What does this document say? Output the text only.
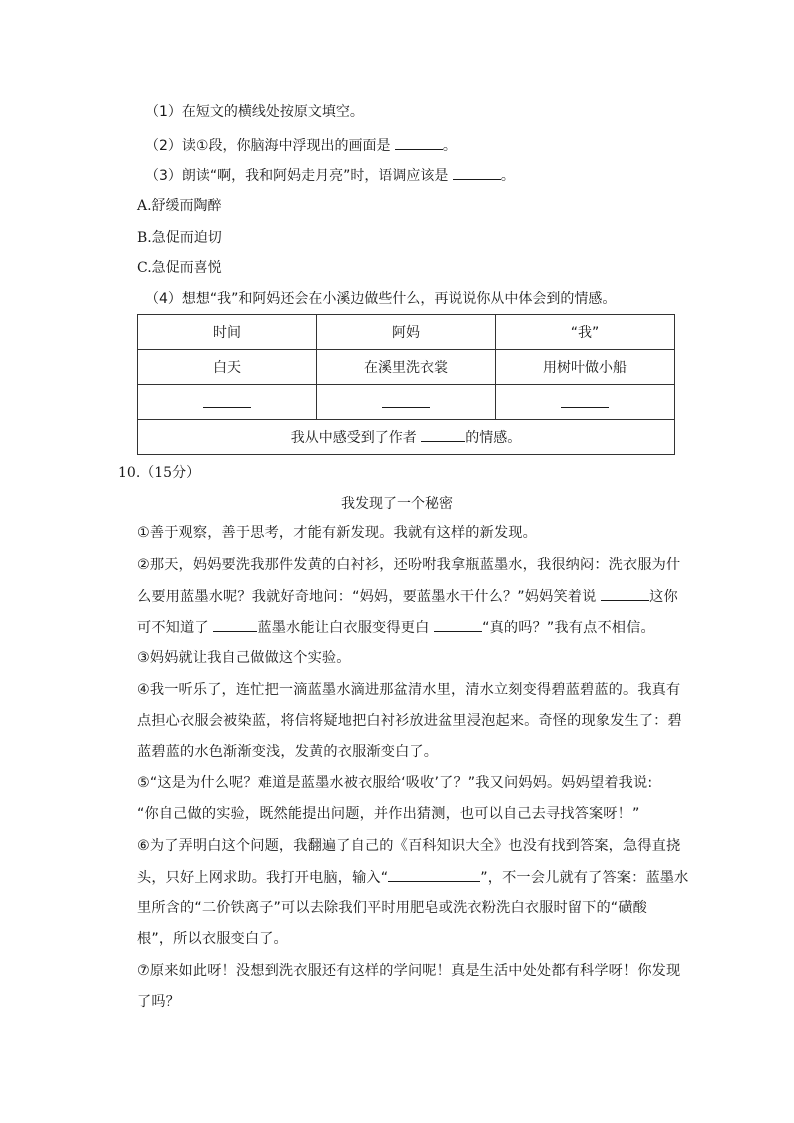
（1）在短文的横线处按原文填空。
（2）读①段，你脑海中浮现出的画面是	。
（3）朗读“啊，我和阿妈走月亮”时，语调应该是	。
A.舒缓而陶醉
B.急促而迫切
C.急促而喜悦
（4）想想“我”和阿妈还会在小溪边做些什么，再说说你从中体会到的情感。
时间	阿妈	“我”
白天	在溪里洗衣裳	用树叶做小船

我从中感受到了作者 的情感。		
10.（15分）
我发现了一个秘密
①善于观察，善于思考，才能有新发现。我就有这样的新发现。
②那天，妈妈要洗我那件发黄的白衬衫，还吩咐我拿瓶蓝墨水，我很纳闷：洗衣服为什
么要用蓝墨水呢？我就好奇地问：“妈妈，要蓝墨水干什么？”妈妈笑着说	这你
可不知道了	蓝墨水能让白衣服变得更白	“真的吗？”我有点不相信。
③妈妈就让我自己做做这个实验。
④我一听乐了，连忙把一滴蓝墨水滴进那盆清水里，清水立刻变得碧蓝碧蓝的。我真有
点担心衣服会被染蓝，将信将疑地把白衬衫放进盆里浸泡起来。奇怪的现象发生了：碧
蓝碧蓝的水色渐渐变浅，发黄的衣服渐变白了。
⑤“这是为什么呢？难道是蓝墨水被衣服给‘吸收’了？”我又问妈妈。妈妈望着我说:
“你自己做的实验，既然能提出问题，并作出猜测，也可以自己去寻找答案呀！”
⑥为了弄明白这个问题，我翻遍了自己的《百科知识大全》也没有找到答案，急得直挠
头，只好上网求助。我打开电脑，输入“	”，不一会儿就有了答案：蓝墨水
里所含的“二价铁离子”可以去除我们平时用肥皂或洗衣粉洗白衣服时留下的“磺酸
根”，所以衣服变白了。
⑦原来如此呀！没想到洗衣服还有这样的学问呢！真是生活中处处都有科学呀！你发现
了吗？
